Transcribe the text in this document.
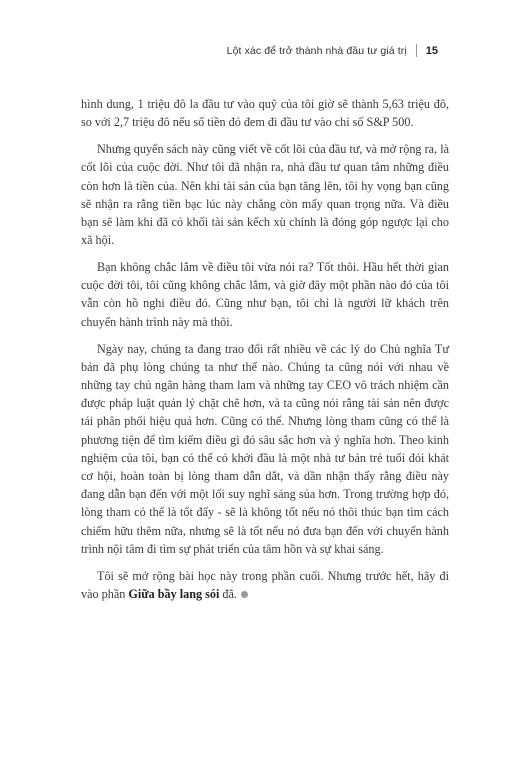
Lột xác để trở thành nhà đầu tư giá trị 15

hình dung, 1 triệu đô la đầu tư vào quỹ của tôi giờ sẽ thành 5,63 triệu đô, so với 2,7 triệu đô nếu số tiền đó đem đi đầu tư vào chỉ số S&P 500.

Nhưng quyển sách này cũng viết về cốt lõi của đầu tư, và mở rộng ra, là cốt lõi của cuộc đời. Như tôi đã nhận ra, nhà đầu tư quan tâm những điều còn hơn là tiền của. Nên khi tài sản của bạn tăng lên, tôi hy vọng bạn cũng sẽ nhận ra rằng tiền bạc lúc này chẳng còn mấy quan trọng nữa. Và điều bạn sẽ làm khi đã có khối tài sản kếch xù chính là đóng góp ngược lại cho xã hội.

Bạn không chắc lắm về điều tôi vừa nói ra? Tốt thôi. Hầu hết thời gian cuộc đời tôi, tôi cũng không chắc lắm, và giờ đây một phần nào đó của tôi vẫn còn hồ nghi điều đó. Cũng như bạn, tôi chỉ là người lữ khách trên chuyến hành trình này mà thôi.

Ngày nay, chúng ta đang trao đổi rất nhiều về các lý do Chủ nghĩa Tư bản đã phụ lòng chúng ta như thế nào. Chúng ta cũng nói với nhau về những tay chủ ngân hàng tham lam và những tay CEO vô trách nhiệm cần được pháp luật quản lý chặt chẽ hơn, và ta cũng nói rằng tài sản nên được tái phân phối hiệu quả hơn. Cũng có thể. Nhưng lòng tham cũng có thể là phương tiện để tìm kiếm điều gì đó sâu sắc hơn và ý nghĩa hơn. Theo kinh nghiệm của tôi, bạn có thể có khởi đầu là một nhà tư bản trẻ tuổi đói khát cơ hội, hoàn toàn bị lòng tham dẫn dắt, và dần nhận thấy rằng điều này đang dẫn bạn đến với một lối suy nghĩ sáng sủa hơn. Trong trường hợp đó, lòng tham có thể là tốt đấy - sẽ là không tốt nếu nó thôi thúc bạn tìm cách chiếm hữu thêm nữa, nhưng sẽ là tốt nếu nó đưa bạn đến với chuyến hành trình nội tâm đi tìm sự phát triển của tâm hồn và sự khai sáng.

Tôi sẽ mở rộng bài học này trong phần cuối. Nhưng trước hết, hãy đi vào phần Giữa bầy lang sói đã.
